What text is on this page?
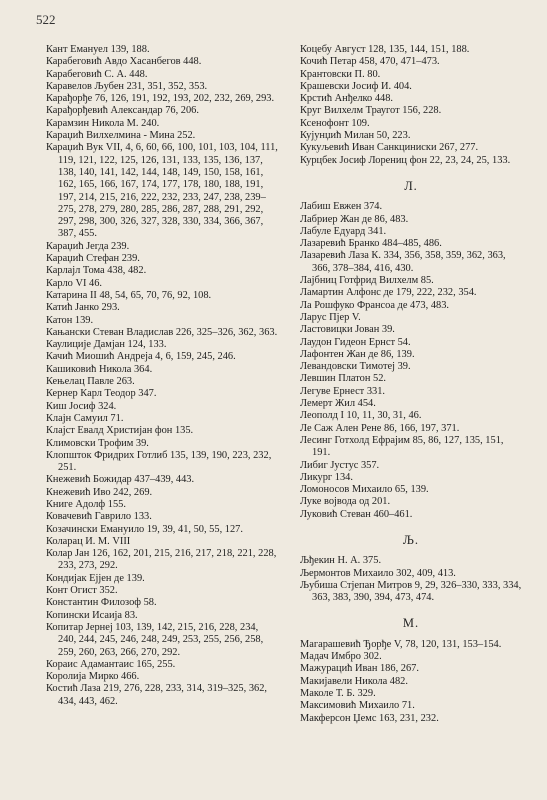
522

Кант Емануел 139, 188.

Карабеговић Авдо Хасанбегов 448.

Карабеговић С. А. 448.

Каравелов Љубен 231, 351, 352, 353.

Карађорђе 76, 126, 191, 192, 193, 202, 232, 269, 293.

Карађорђевић Александар 76, 206.

Карамзин Никола М. 240.

Караџић Вилхелмина - Мина 252.

Караџић Вук VII, 4, 6, 60, 66, 100, 101, 103, 104, 111, 119, 121, 122, 125, 126, 131, 133, 135, 136, 137, 138, 140, 141, 142, 144, 148, 149, 150, 158, 161, 162, 165, 166, 167, 174, 177, 178, 180, 188, 191, 197, 214, 215, 216, 222, 232, 233, 247, 238, 239–275, 278, 279, 280, 285, 286, 287, 288, 291, 292, 297, 298, 300, 326, 327, 328, 330, 334, 366, 367, 387, 455.

Караџић Јегда 239.

Караџић Стефан 239.

Карлајл Тома 438, 482.

Карло VI 46.

Катарина II 48, 54, 65, 70, 76, 92, 108.

Катић Јанко 293.

Катон 139.

Кањански Стеван Владислав 226, 325–326, 362, 363.

Каулиције Дамјан 124, 133.

Качић Миошић Андреја 4, 6, 159, 245, 246.

Кашиковић Никола 364.

Кењелац Павле 263.

Кернер Карл Теодор 347.

Киш Јосиф 324.

Клајн Самуил 71.

Клајст Евалд Христијан фон 135.

Климовски Трофим 39.

Клопшток Фридрих Готлиб 135, 139, 190, 223, 232, 251.

Кнежевић Божидар 437–439, 443.

Кнежевић Иво 242, 269.

Книге Адолф 155.

Ковачевић Гаврило 133.

Козачински Емануило 19, 39, 41, 50, 55, 127.

Коларац И. М. VIII

Колар Јан 126, 162, 201, 215, 216, 217, 218, 221, 228, 233, 273, 292.

Кондијак Ејјен де 139.

Конт Огист 352.

Константин Филозоф 58.

Копински Исаија 83.

Копитар Јернеј 103, 139, 142, 215, 216, 228, 234, 240, 244, 245, 246, 248, 249, 253, 255, 256, 258, 259, 260, 263, 266, 270, 292.

Кораис Адамантаис 165, 255.

Королија Мирко 466.

Костић Лаза 219, 276, 228, 233, 314, 319–325, 362, 434, 443, 462.

Коцебу Август 128, 135, 144, 151, 188.

Кочић Петар 458, 470, 471–473.

Крантовски П. 80.

Крашевски Јосиф И. 404.

Крстић Анђелко 448.

Круг Вилхелм Траугот 156, 228.

Ксенофонт 109.

Кујунџић Милан 50, 223.

Кукуљевић Иван Санкциниски 267, 277.

Курцбек Јосиф Лорениц фон 22, 23, 24, 25, 133.

Л.

Лабиш Евжен 374.

Лабриер Жан де 86, 483.

Лабуле Едуард 341.

Лазаревић Бранко 484–485, 486.

Лазаревић Лаза К. 334, 356, 358, 359, 362, 363, 366, 378–384, 416, 430.

Лајбниц Готфрид Вилхелм 85.

Ламартин Алфонс де 179, 222, 232, 354.

Ла Рошфуко Франсоа де 473, 483.

Ларус Пјер V.

Ластовицки Јован 39.

Лаудон Гидеон Ернст 54.

Лафонтен Жан де 86, 139.

Левандовски Тимотеј 39.

Левшин Платон 52.

Легуве Ернест 331.

Лемерт Жил 454.

Леополд I 10, 11, 30, 31, 46.

Ле Саж Ален Рене 86, 166, 197, 371.

Лесинг Готхолд Ефрајим 85, 86, 127, 135, 151, 191.

Либиг Јустус 357.

Ликург 134.

Ломоносов Михаило 65, 139.

Луке војвода од 201.

Луковић Стеван 460–461.

Љ.

Љђекин Н. А. 375.

Љермонтов Михаило 302, 409, 413.

Љубиша Стјепан Митров 9, 29, 326–330, 333, 334, 363, 383, 390, 394, 473, 474.

М.

Магарашевић Ђорђе V, 78, 120, 131, 153–154.

Мадач Имбро 302.

Мажурацић Иван 186, 267.

Макијавели Никола 482.

Маколе Т. Б. 329.

Максимовић Михаило 71.

Макферсон Џемс 163, 231, 232.
